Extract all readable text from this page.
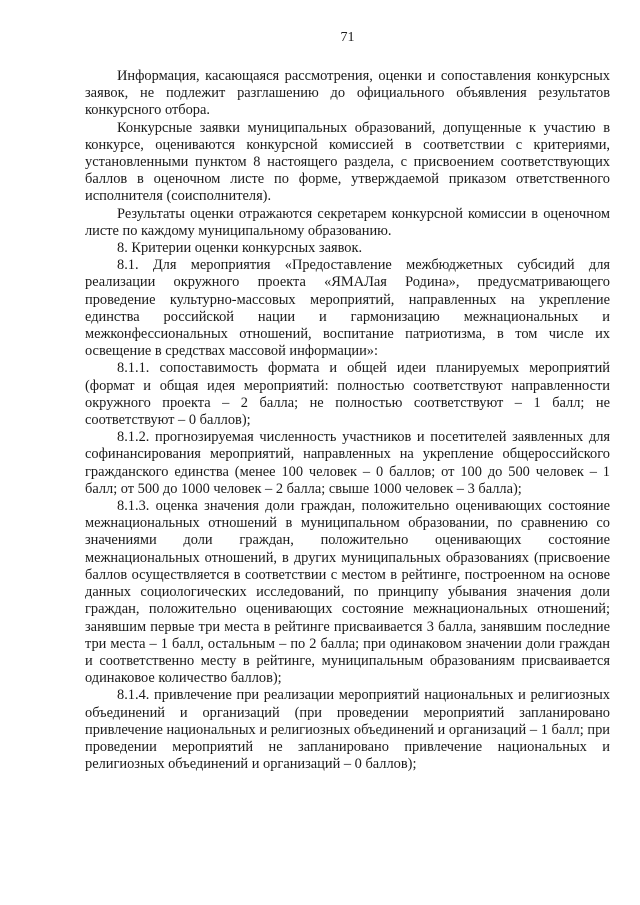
71

Информация, касающаяся рассмотрения, оценки и сопоставления конкурсных заявок, не подлежит разглашению до официального объявления результатов конкурсного отбора.

Конкурсные заявки муниципальных образований, допущенные к участию в конкурсе, оцениваются конкурсной комиссией в соответствии с критериями, установленными пунктом 8 настоящего раздела, с присвоением соответствующих баллов в оценочном листе по форме, утверждаемой приказом ответственного исполнителя (соисполнителя).

Результаты оценки отражаются секретарем конкурсной комиссии в оценочном листе по каждому муниципальному образованию.

8. Критерии оценки конкурсных заявок.

8.1. Для мероприятия «Предоставление межбюджетных субсидий для реализации окружного проекта «ЯМАЛая Родина», предусматривающего проведение культурно-массовых мероприятий, направленных на укрепление единства российской нации и гармонизацию межнациональных и межконфессиональных отношений, воспитание патриотизма, в том числе их освещение в средствах массовой информации»:

8.1.1. сопоставимость формата и общей идеи планируемых мероприятий (формат и общая идея мероприятий: полностью соответствуют направленности окружного проекта – 2 балла; не полностью соответствуют – 1 балл; не соответствуют – 0 баллов);

8.1.2. прогнозируемая численность участников и посетителей заявленных для софинансирования мероприятий, направленных на укрепление общероссийского гражданского единства (менее 100 человек – 0 баллов; от 100 до 500 человек – 1 балл; от 500 до 1000 человек – 2 балла; свыше 1000 человек – 3 балла);

8.1.3. оценка значения доли граждан, положительно оценивающих состояние межнациональных отношений в муниципальном образовании, по сравнению со значениями доли граждан, положительно оценивающих состояние межнациональных отношений, в других муниципальных образованиях (присвоение баллов осуществляется в соответствии с местом в рейтинге, построенном на основе данных социологических исследований, по принципу убывания значения доли граждан, положительно оценивающих состояние межнациональных отношений; занявшим первые три места в рейтинге присваивается 3 балла, занявшим последние три места – 1 балл, остальным – по 2 балла; при одинаковом значении доли граждан и соответственно месту в рейтинге, муниципальным образованиям присваивается одинаковое количество баллов);

8.1.4. привлечение при реализации мероприятий национальных и религиозных объединений и организаций (при проведении мероприятий запланировано привлечение национальных и религиозных объединений и организаций – 1 балл; при проведении мероприятий не запланировано привлечение национальных и религиозных объединений и организаций – 0 баллов);
